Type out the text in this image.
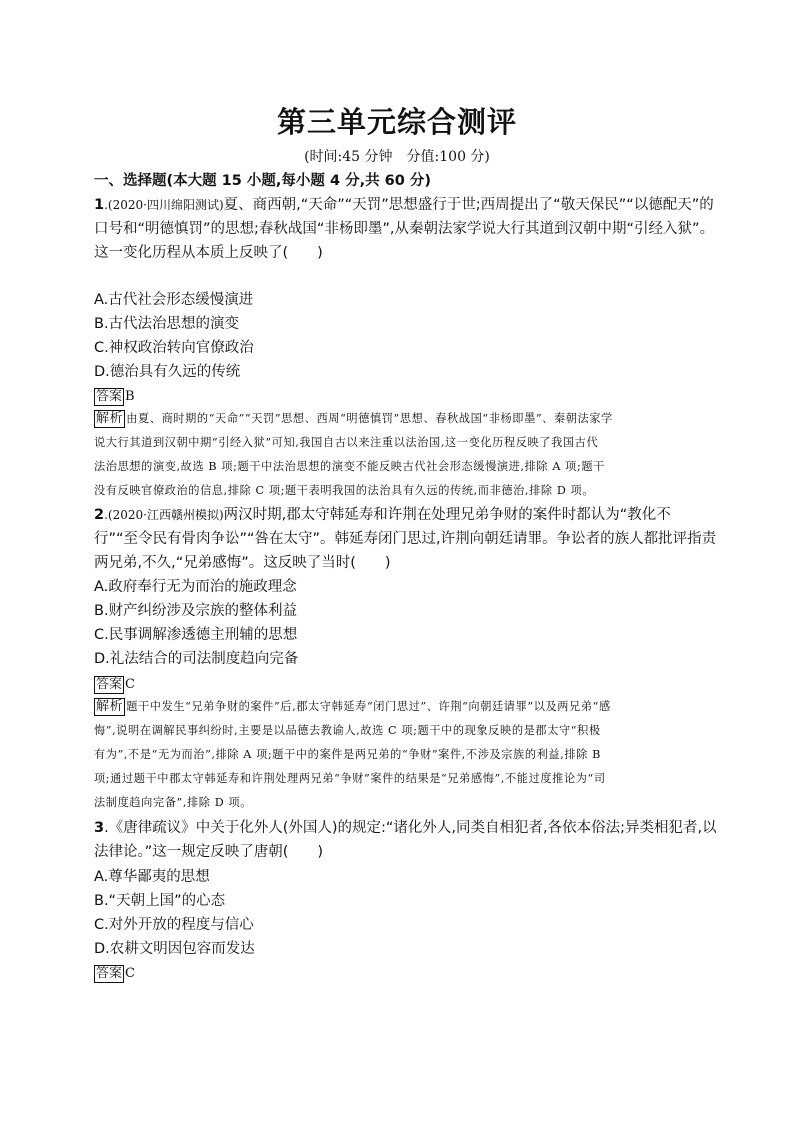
第三单元综合测评
(时间:45 分钟　分值:100 分)
一、选择题(本大题 15 小题,每小题 4 分,共 60 分)
1.(2020·四川绵阳测试)夏、商西朝,“天命”“天罚”思想盛行于世;西周提出了“敬天保民”“以德配天”的
口号和“明德慎罚”的思想;春秋战国“非杨即墨”,从秦朝法家学说大行其道到汉朝中期“引经入狱”。
这一变化历程从本质上反映了(　　)
A.古代社会形态缓慢演进
B.古代法治思想的演变
C.神权政治转向官僚政治
D.德治具有久远的传统
答案 B
解析 由夏、商时期的“天命”“天罚”思想、西周“明德慎罚”思想、春秋战国“非杨即墨”、秦朝法家学
说大行其道到汉朝中期“引经入狱”可知,我国自古以来注重以法治国,这一变化历程反映了我国古代
法治思想的演变,故选 B 项;题干中法治思想的演变不能反映古代社会形态缓慢演进,排除 A 项;题干
没有反映官僚政治的信息,排除 C 项;题干表明我国的法治具有久远的传统,而非德治,排除 D 项。
2.(2020·江西赣州模拟)两汉时期,郡太守韩延寿和许荆在处理兄弟争财的案件时都认为“教化不
行”“至令民有骨肉争讼”“咎在太守”。韩延寿闭门思过,许荆向朝廷请罪。争讼者的族人都批评指责
两兄弟,不久,“兄弟感悔”。这反映了当时(　　)
A.政府奉行无为而治的施政理念
B.财产纠纷涉及宗族的整体利益
C.民事调解渗透德主刑辅的思想
D.礼法结合的司法制度趋向完备
答案 C
解析 题干中发生“兄弟争财的案件”后,郡太守韩延寿“闭门思过”、许荆“向朝廷请罪”以及两兄弟“感
悔”,说明在调解民事纠纷时,主要是以品德去教谕人,故选 C 项;题干中的现象反映的是郡太守“积极
有为”,不是“无为而治”,排除 A 项;题干中的案件是两兄弟的“争财”案件,不涉及宗族的利益,排除 B
项;通过题干中郡太守韩延寿和许荆处理两兄弟“争财”案件的结果是“兄弟感悔”,不能过度推论为“司
法制度趋向完备”,排除 D 项。
3.《唐律疏议》中关于化外人(外国人)的规定:“诸化外人,同类自相犯者,各依本俗法;异类相犯者,以
法律论。”这一规定反映了唐朝(　　)
A.尊华鄙夷的思想
B.“天朝上国”的心态
C.对外开放的程度与信心
D.农耕文明因包容而发达
答案 C
